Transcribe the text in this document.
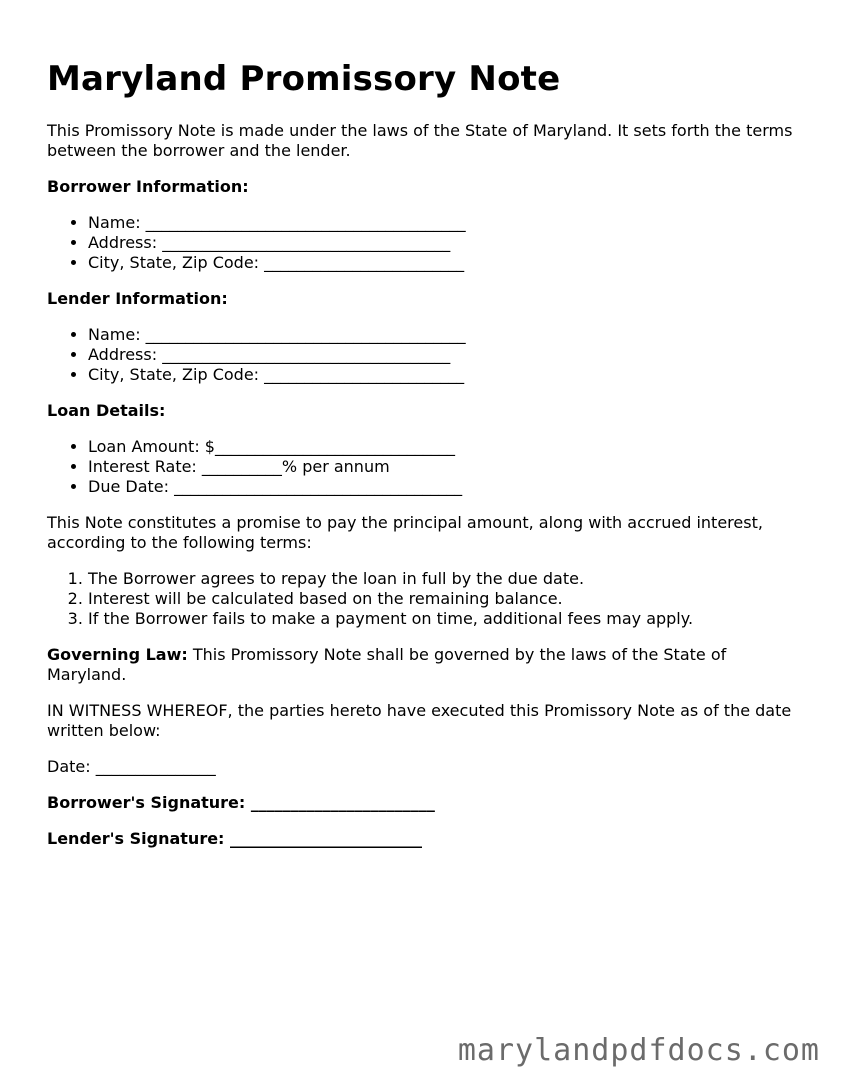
Maryland Promissory Note

This Promissory Note is made under the laws of the State of Maryland. It sets forth the terms between the borrower and the lender.

Borrower Information:
• Name: ________________________________________
• Address: ____________________________________
• City, State, Zip Code: _________________________
Lender Information:
• Name: ________________________________________
• Address: ____________________________________
• City, State, Zip Code: _________________________
Loan Details:
• Loan Amount: $______________________________
• Interest Rate: __________% per annum
• Due Date: ____________________________________

This Note constitutes a promise to pay the principal amount, along with accrued interest, according to the following terms:

1. The Borrower agrees to repay the loan in full by the due date.
2. Interest will be calculated based on the remaining balance.
3. If the Borrower fails to make a payment on time, additional fees may apply.

Governing Law: This Promissory Note shall be governed by the laws of the State of Maryland.

IN WITNESS WHEREOF, the parties hereto have executed this Promissory Note as of the date written below:

Date: _______________

Borrower's Signature: _______________________

Lender's Signature: ________________________

marylandpdfdocs.com
